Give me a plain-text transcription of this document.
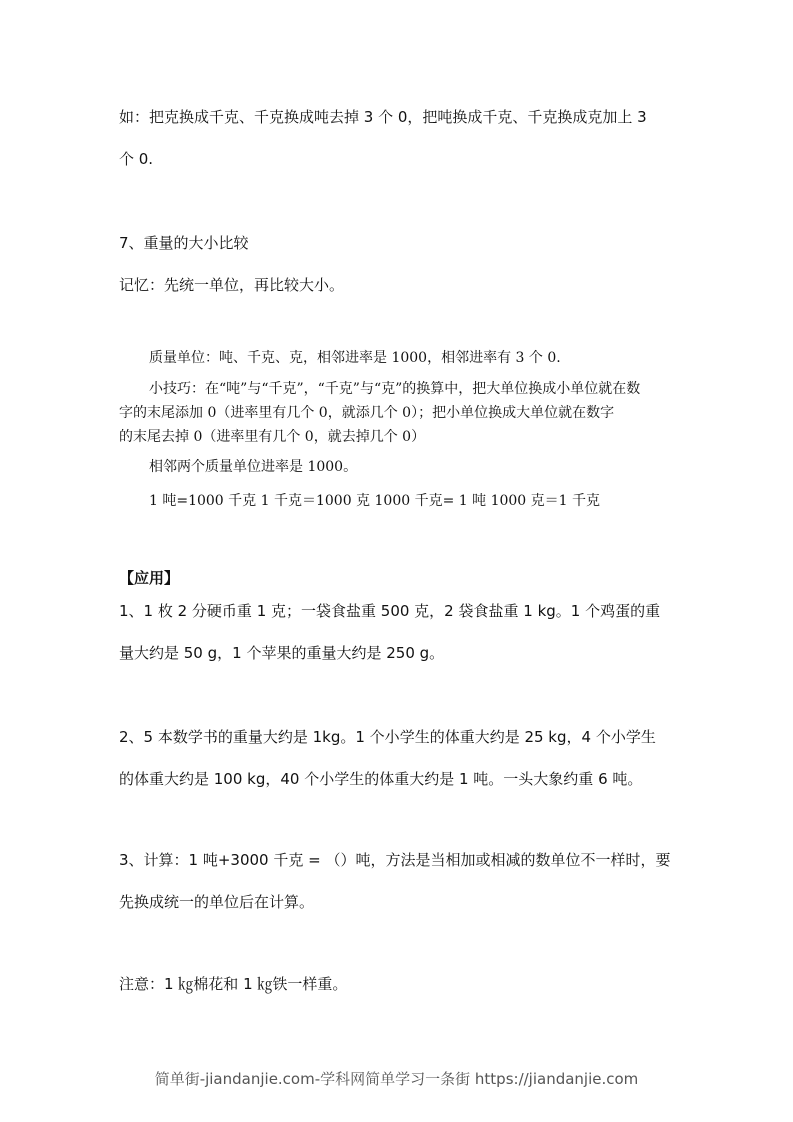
如：把克换成千克、千克换成吨去掉 3 个 0，把吨换成千克、千克换成克加上 3
个 0.
7、重量的大小比较
记忆：先统一单位，再比较大小。
质量单位：吨、千克、克，相邻进率是 1000，相邻进率有 3 个 0.
小技巧：在“吨”与“千克”，“千克”与“克”的换算中，把大单位换成小单位就在数
字的末尾添加 0（进率里有几个 0，就添几个 0）；把小单位换成大单位就在数字
的末尾去掉 0（进率里有几个 0，就去掉几个 0）
相邻两个质量单位进率是 1000。
1 吨=1000 千克 1 千克＝1000 克 1000 千克= 1 吨 1000 克＝1 千克
【应用】
1、1 枚 2 分硬币重 1 克；一袋食盐重 500 克，2 袋食盐重 1 kg。1 个鸡蛋的重
量大约是 50 g，1 个苹果的重量大约是 250 g。
2、5 本数学书的重量大约是 1kg。1 个小学生的体重大约是 25 kg，4 个小学生
的体重大约是 100 kg，40 个小学生的体重大约是 1 吨。一头大象约重 6 吨。
3、计算：1 吨+3000 千克 = （）吨，方法是当相加或相减的数单位不一样时，要
先换成统一的单位后在计算。
注意：1 ㎏棉花和 1 ㎏铁一样重。
简单街-jiandanjie.com-学科网简单学习一条街 https://jiandanjie.com
